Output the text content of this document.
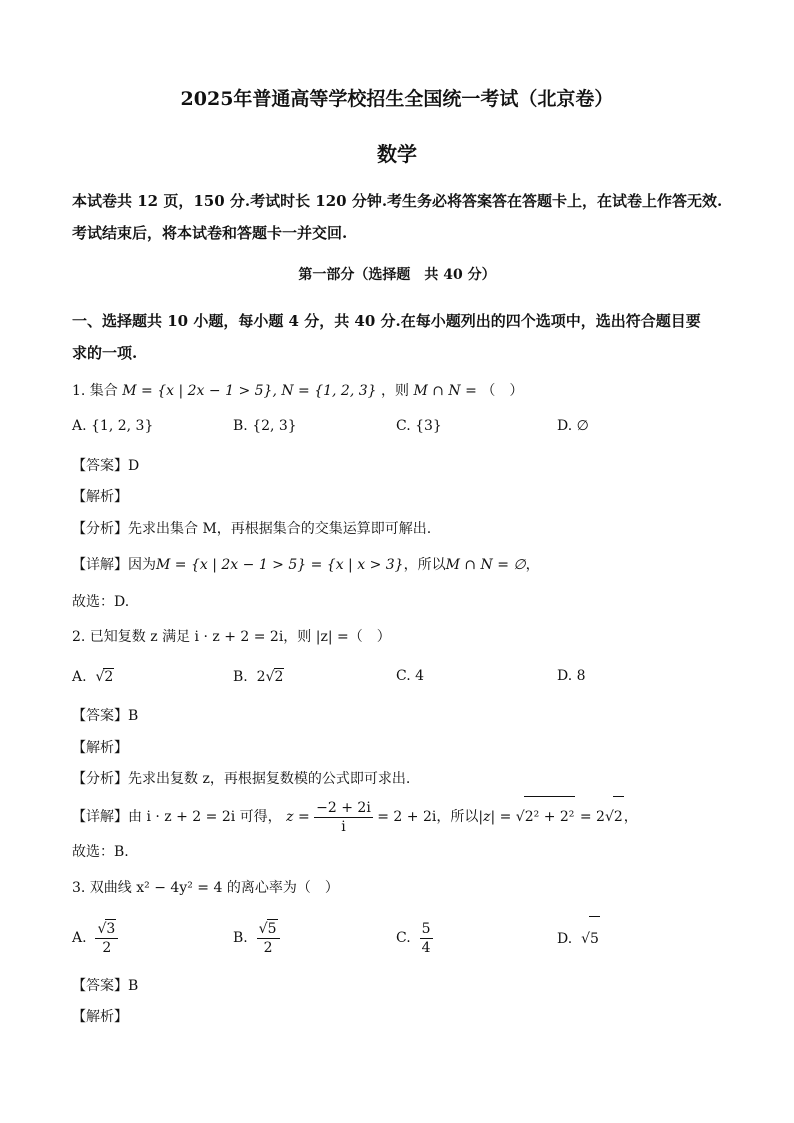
2025年普通高等学校招生全国统一考试（北京卷）
数学
本试卷共 12 页，150 分.考试时长 120 分钟.考生务必将答案答在答题卡上，在试卷上作答无效.
考试结束后，将本试卷和答题卡一并交回.
第一部分（选择题　共 40 分）
一、选择题共 10 小题，每小题 4 分，共 40 分.在每小题列出的四个选项中，选出符合题目要
求的一项.
1. 集合 M = {x | 2x − 1 > 5}, N = {1, 2, 3} ，则 M ∩ N = （　）
A. {1, 2, 3}	B. {2, 3}	C. {3}	D. ∅
【答案】D
【解析】
【分析】先求出集合 M，再根据集合的交集运算即可解出.
【详解】因为M = {x | 2x − 1 > 5} = {x | x > 3}，所以M ∩ N = ∅，
故选：D.
2. 已知复数 z 满足 i · z + 2 = 2i，则 |z| =（　）
A.  √2	B. 2√2	C. 4	D. 8
【答案】B
【解析】
【分析】先求出复数 z，再根据复数模的公式即可求出.
【详解】由 i · z + 2 = 2i 可得， $z = \frac{-2 + 2i}{i} = 2 + 2i$，所以|z| = √2² + 2² = 2√2，
故选：B.
3. 双曲线 x² − 4y² = 4 的离心率为（　）
A. $\frac{√3}{2}$	B. $\frac{√5}{2}$	C. $\frac{5}{4}$	D.  √5
【答案】B
【解析】
